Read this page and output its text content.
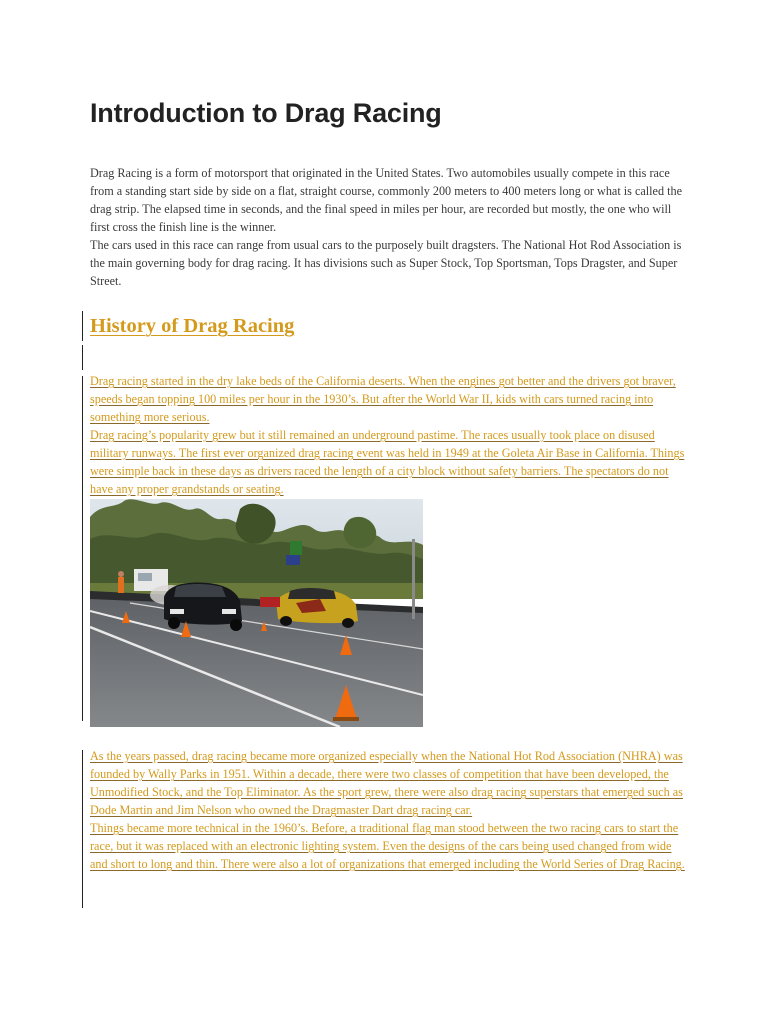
Introduction to Drag Racing

Drag Racing is a form of motorsport that originated in the United States. Two automobiles usually compete in this race from a standing start side by side on a flat, straight course, commonly 200 meters to 400 meters long or what is called the drag strip. The elapsed time in seconds, and the final speed in miles per hour, are recorded but mostly, the one who will first cross the finish line is the winner.

The cars used in this race can range from usual cars to the purposely built dragsters. The National Hot Rod Association is the main governing body for drag racing. It has divisions such as Super Stock, Top Sportsman, Tops Dragster, and Super Street.

History of Drag Racing

Drag racing started in the dry lake beds of the California deserts. When the engines got better and the drivers got braver, speeds began topping 100 miles per hour in the 1930’s. But after the World War II, kids with cars turned racing into something more serious.

Drag racing’s popularity grew but it still remained an underground pastime. The races usually took place on disused military runways. The first ever organized drag racing event was held in 1949 at the Goleta Air Base in California. Things were simple back in these days as drivers raced the length of a city block without safety barriers. The spectators do not have any proper grandstands or seating.

As the years passed, drag racing became more organized especially when the National Hot Rod Association (NHRA) was founded by Wally Parks in 1951. Within a decade, there were two classes of competition that have been developed, the Unmodified Stock, and the Top Eliminator. As the sport grew, there were also drag racing superstars that emerged such as Dode Martin and Jim Nelson who owned the Dragmaster Dart drag racing car.

Things became more technical in the 1960’s. Before, a traditional flag man stood between the two racing cars to start the race, but it was replaced with an electronic lighting system. Even the designs of the cars being used changed from wide and short to long and thin. There were also a lot of organizations that emerged including the World Series of Drag Racing.
